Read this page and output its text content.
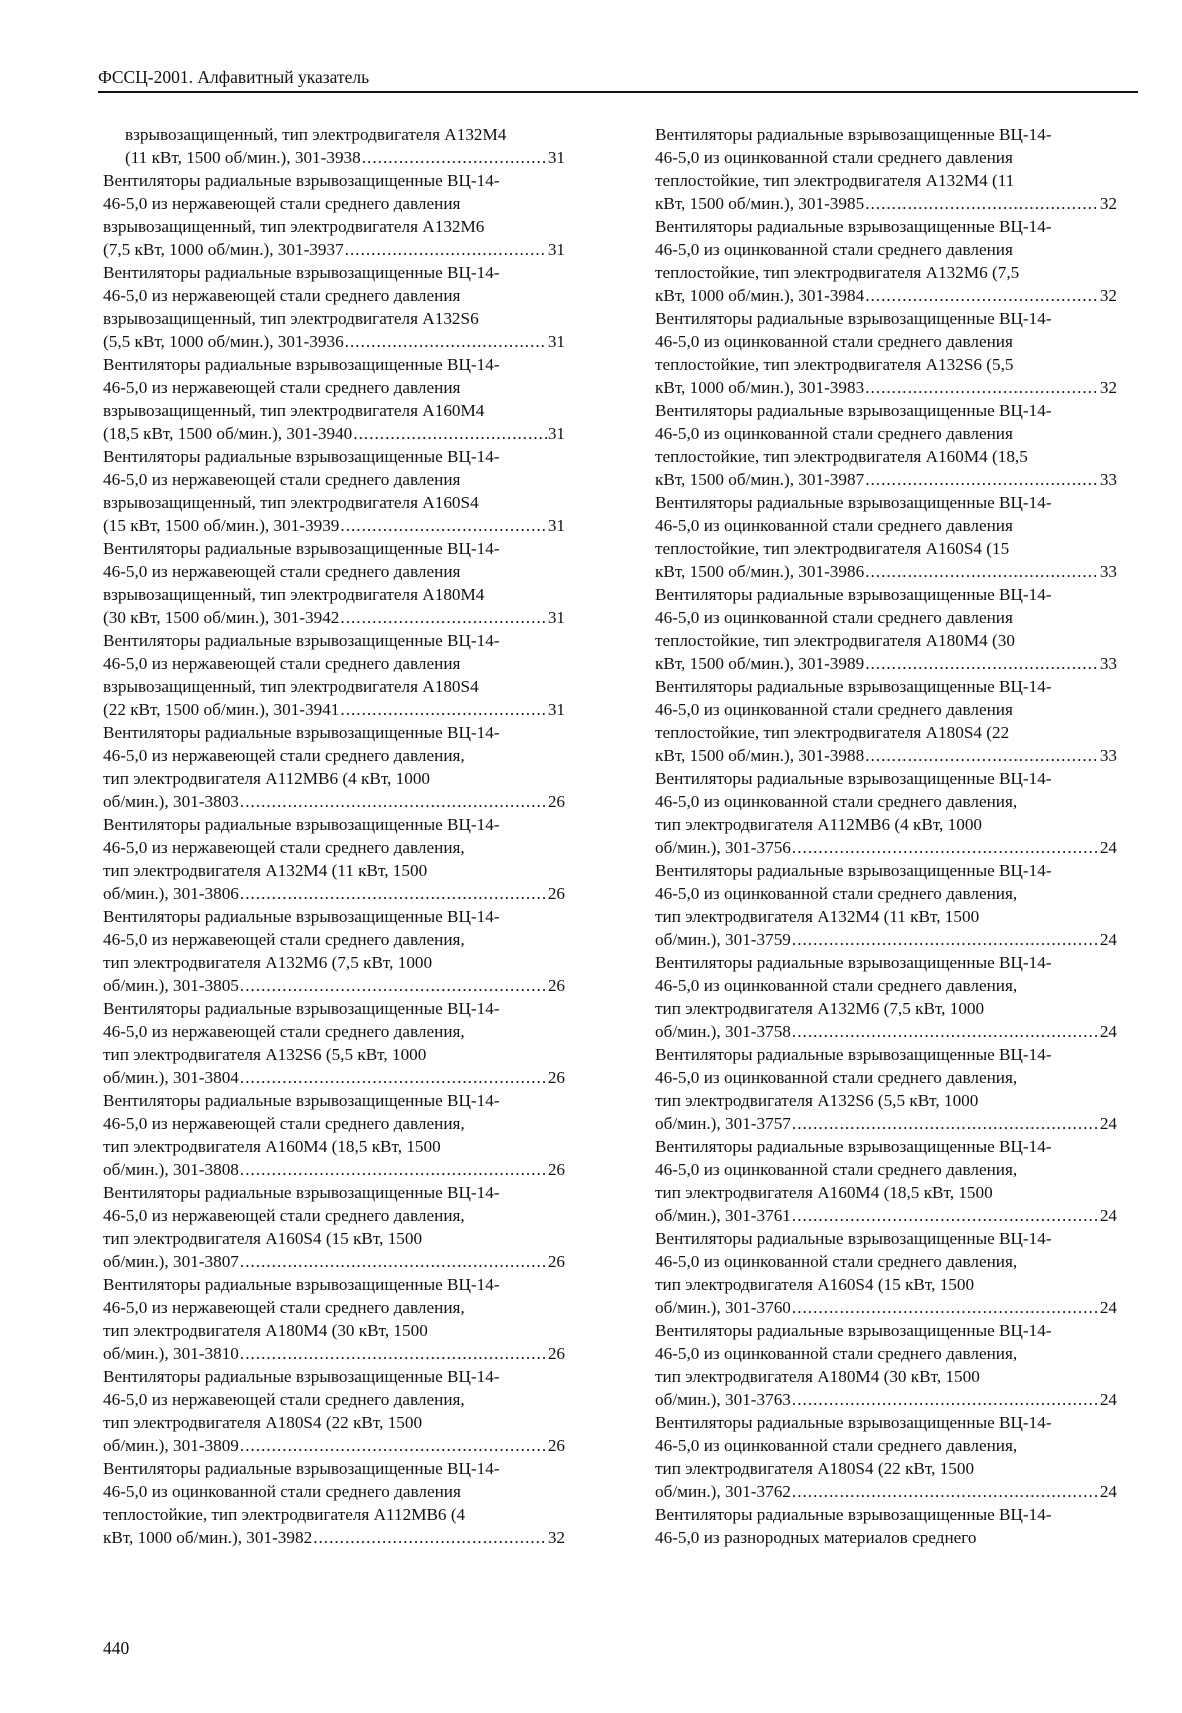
ФССЦ-2001. Алфавитный указатель

взрывозащищенный, тип электродвигателя А132М4

(11 кВт, 1500 об/мин.), 301-3938 .....	31

Вентиляторы радиальные взрывозащищенные ВЦ-14-

46-5,0 из нержавеющей стали среднего давления

взрывозащищенный, тип электродвигателя А132М6

(7,5 кВт, 1000 об/мин.), 301-3937 .....	31

Вентиляторы радиальные взрывозащищенные ВЦ-14-

46-5,0 из нержавеющей стали среднего давления

взрывозащищенный, тип электродвигателя А132S6

(5,5 кВт, 1000 об/мин.), 301-3936 .....	31

Вентиляторы радиальные взрывозащищенные ВЦ-14-

46-5,0 из нержавеющей стали среднего давления

взрывозащищенный, тип электродвигателя А160М4

(18,5 кВт, 1500 об/мин.), 301-3940 .....	31

Вентиляторы радиальные взрывозащищенные ВЦ-14-

46-5,0 из нержавеющей стали среднего давления

взрывозащищенный, тип электродвигателя А160S4

(15 кВт, 1500 об/мин.), 301-3939 .....	31

Вентиляторы радиальные взрывозащищенные ВЦ-14-

46-5,0 из нержавеющей стали среднего давления

взрывозащищенный, тип электродвигателя А180М4

(30 кВт, 1500 об/мин.), 301-3942 .....	31

Вентиляторы радиальные взрывозащищенные ВЦ-14-

46-5,0 из нержавеющей стали среднего давления

взрывозащищенный, тип электродвигателя А180S4

(22 кВт, 1500 об/мин.), 301-3941 .....	31

Вентиляторы радиальные взрывозащищенные ВЦ-14-

46-5,0 из нержавеющей стали среднего давления,

тип электродвигателя А112МВ6 (4 кВт, 1000

об/мин.), 301-3803 .....	26

Вентиляторы радиальные взрывозащищенные ВЦ-14-

46-5,0 из нержавеющей стали среднего давления,

тип электродвигателя А132М4 (11 кВт, 1500

об/мин.), 301-3806 .....	26

Вентиляторы радиальные взрывозащищенные ВЦ-14-

46-5,0 из нержавеющей стали среднего давления,

тип электродвигателя А132М6 (7,5 кВт, 1000

об/мин.), 301-3805 .....	26

Вентиляторы радиальные взрывозащищенные ВЦ-14-

46-5,0 из нержавеющей стали среднего давления,

тип электродвигателя А132S6 (5,5 кВт, 1000

об/мин.), 301-3804 .....	26

Вентиляторы радиальные взрывозащищенные ВЦ-14-

46-5,0 из нержавеющей стали среднего давления,

тип электродвигателя А160М4 (18,5 кВт, 1500

об/мин.), 301-3808 .....	26

Вентиляторы радиальные взрывозащищенные ВЦ-14-

46-5,0 из нержавеющей стали среднего давления,

тип электродвигателя А160S4 (15 кВт, 1500

об/мин.), 301-3807 .....	26

Вентиляторы радиальные взрывозащищенные ВЦ-14-

46-5,0 из нержавеющей стали среднего давления,

тип электродвигателя А180М4 (30 кВт, 1500

об/мин.), 301-3810 .....	26

Вентиляторы радиальные взрывозащищенные ВЦ-14-

46-5,0 из нержавеющей стали среднего давления,

тип электродвигателя А180S4 (22 кВт, 1500

об/мин.), 301-3809 .....	26

Вентиляторы радиальные взрывозащищенные ВЦ-14-

46-5,0 из оцинкованной стали среднего давления

теплостойкие, тип электродвигателя А112МВ6 (4

кВт, 1000 об/мин.), 301-3982 .....	32

Вентиляторы радиальные взрывозащищенные ВЦ-14-

46-5,0 из оцинкованной стали среднего давления

теплостойкие, тип электродвигателя А132М4 (11

кВт, 1500 об/мин.), 301-3985 .....	32

Вентиляторы радиальные взрывозащищенные ВЦ-14-

46-5,0 из оцинкованной стали среднего давления

теплостойкие, тип электродвигателя А132М6 (7,5

кВт, 1000 об/мин.), 301-3984 .....	32

Вентиляторы радиальные взрывозащищенные ВЦ-14-

46-5,0 из оцинкованной стали среднего давления

теплостойкие, тип электродвигателя А132S6 (5,5

кВт, 1000 об/мин.), 301-3983 .....	32

Вентиляторы радиальные взрывозащищенные ВЦ-14-

46-5,0 из оцинкованной стали среднего давления

теплостойкие, тип электродвигателя А160М4 (18,5

кВт, 1500 об/мин.), 301-3987 .....	33

Вентиляторы радиальные взрывозащищенные ВЦ-14-

46-5,0 из оцинкованной стали среднего давления

теплостойкие, тип электродвигателя А160S4 (15

кВт, 1500 об/мин.), 301-3986 .....	33

Вентиляторы радиальные взрывозащищенные ВЦ-14-

46-5,0 из оцинкованной стали среднего давления

теплостойкие, тип электродвигателя А180М4 (30

кВт, 1500 об/мин.), 301-3989 .....	33

Вентиляторы радиальные взрывозащищенные ВЦ-14-

46-5,0 из оцинкованной стали среднего давления

теплостойкие, тип электродвигателя А180S4 (22

кВт, 1500 об/мин.), 301-3988 .....	33

Вентиляторы радиальные взрывозащищенные ВЦ-14-

46-5,0 из оцинкованной стали среднего давления,

тип электродвигателя А112МВ6 (4 кВт, 1000

об/мин.), 301-3756 .....	24

Вентиляторы радиальные взрывозащищенные ВЦ-14-

46-5,0 из оцинкованной стали среднего давления,

тип электродвигателя А132М4 (11 кВт, 1500

об/мин.), 301-3759 .....	24

Вентиляторы радиальные взрывозащищенные ВЦ-14-

46-5,0 из оцинкованной стали среднего давления,

тип электродвигателя А132М6 (7,5 кВт, 1000

об/мин.), 301-3758 .....	24

Вентиляторы радиальные взрывозащищенные ВЦ-14-

46-5,0 из оцинкованной стали среднего давления,

тип электродвигателя А132S6 (5,5 кВт, 1000

об/мин.), 301-3757 .....	24

Вентиляторы радиальные взрывозащищенные ВЦ-14-

46-5,0 из оцинкованной стали среднего давления,

тип электродвигателя А160М4 (18,5 кВт, 1500

об/мин.), 301-3761 .....	24

Вентиляторы радиальные взрывозащищенные ВЦ-14-

46-5,0 из оцинкованной стали среднего давления,

тип электродвигателя А160S4 (15 кВт, 1500

об/мин.), 301-3760 .....	24

Вентиляторы радиальные взрывозащищенные ВЦ-14-

46-5,0 из оцинкованной стали среднего давления,

тип электродвигателя А180М4 (30 кВт, 1500

об/мин.), 301-3763 .....	24

Вентиляторы радиальные взрывозащищенные ВЦ-14-

46-5,0 из оцинкованной стали среднего давления,

тип электродвигателя А180S4 (22 кВт, 1500

об/мин.), 301-3762 .....	24

Вентиляторы радиальные взрывозащищенные ВЦ-14-

46-5,0 из разнородных материалов среднего

440
